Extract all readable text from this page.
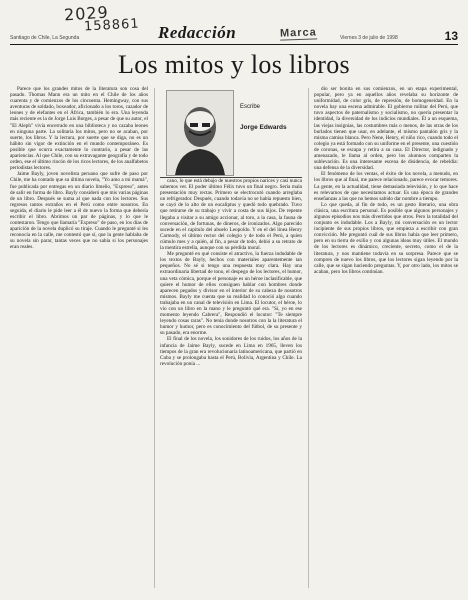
2029
158861
Santiago de Chile, La Segunda	Redacción	Marca	Viernes 3 de julio de 1998	13
Los mitos y los libros

Parece que los grandes mitos de la literatura son cosa del pasado. Thomas Mann era un mito en el Chile de los años cuarenta y de comienzos de los cincuenta. Hemingway, con sus aventuras de soldado, boxeador, aficionado a los toros, cazador de leones y de elefantes en el África, también lo era. Una leyenda más reciente es la de Jorge Luis Borges, a pesar de que su autor, el "El Aleph" vivía encerrado en una biblioteca y no cazaba leones en ninguna parte. La solitaria los mitos, pero no se acaban, por suerte, los libros. Y la lectura, por suerte que se diga, no es un hábito sin vigor de extinción en el mundo contemporáneo. Es posible que ocurra exactamente lo contrario, a pesar de las apariencias. Al que Chile, con su extravagante geografía y de todo orden, ese el último rincón de los ricos lectores, de los analfabetos periodistas lectores.

Jaime Bayly, joven novelista peruano que sufre de paso por Chile, me ha contado que su última novela, "Yo amo a mi mamá", fue publicada por entregas en un diario limeño, "Expreso", antes de salir en forma de libro. Bayly consideró que mis varias páginas de un libro. Después se suma al que nada con los lectores. Sus regresos tantos extraños en el Perú como entre nosotros. En seguida, el diario le pide leer a él de nuevo la forma que debería escribir el libro. Abrimos un par de páginas, y lo que le contestaron. Tengo que llamaría "Expreso" de paso, en los días de aparición de la novela duplicó su tiraje. Cuando le pregunté si les reconocía en la calle, me contestó que sí, que la gente hablaba de su novela sin parar, tantas veces que no sabía si los personajes eran reales.

Escribe
Jorge Edwards

cano, lo que está debajo de nuestros propios narices y casi nunca sabemos ver. El poder último Félix tuvo un final negro. Sería mala presentación muy rectas. Primero se electrocutó cuando arreglaba un refrigerador. Después, cuando todavía no se había repuesto bien, se cayó de lo alto de un eucaliptus y quedó todo quebrado. Tuvo que retirarse de su trabajo y vivir a costa de sus hijos. De repente llegaba a visitar a su amigo accionar, al toro, a la casa, la fauna de conversación, de fortunas, de dineros, de ironizados. Algo parecido sucede en el capítulo del abuelo Leopoldo. Y en el del linea Henry Carmody, el último rector del colegio y de todo el Perú, a quien cúmulo mes y a quién, al fin, a pesar de todo, debió a su retrato de la mentira estrella, aunque con su pérdida moral.

Me pregunté en qué consiste el atractivo, la fuerza indudable de los textos de Bayly, hechos con materiales aparentemente tan pequeños. No sé si tengo una respuesta muy clara. Hay una extraordinaria libertad de tono, el despego de los lectores, el humor, una veta cómica, porque el personaje es un héroe inclasificable, que quiere el humor de ellos consiguen hablar con hombres donde aparecen pegados y divisor en el interior de su cabeza de nosotros mismos. Bayly me cuenta que su realidad lo conoció algo cuando trabajaba en un canal de televisión en Lima. El locutor, el héroe, lo vio con un libro en la mano y le preguntó qué era. "Sí, yo en ese momento leyendo Cabrera", Respondió el locutor: "Te siempre leyendo cosas raras". No tenía donde nosotros con la la literatura el humor y humor, pero es conocimiento del fútbol, de su presente y su pasado, era enorme.

El final de los novela, los sonidores de los ruidos, los años de la infancia de Jaime Bayly, sucede en Lima en 1965, lleven los tiempos de la gran era revolucionaria latinoamericana, que partió en Cuba y se prolongaba hasta el Perú, Bolivia, Argentina y Chile. La revolución ponía ...

dio ser bonita en sus comienzos, en un etapa experimental, popular, pero ya en aquellos años revelaba su horizonte de uniformidad, de color gris, de represión, de homogeneidad. En la novela hay una escena admirable. El gobierno militar del Perú, que tuvo aspectos de paternalismo y socialismo, no quería presentar la identidad, la diversidad de los indicios mundiales. Él a un esquema, las viejas insignias, las costumbres más o menos, de las otras de los burlados tienen que usar, en adelante, el mismo pantalón gris y la misma camisa blanca. Pero Nene, Henry, el niño rico, cuando todo el colegio ya está formado con su uniforme en el presente, una cuestión de coronas, se escapa y retira a su casa. El Director, indignado y amenazado, le llama al orden, pero los alumnos comparten la sublevación. Es una interesante escena de disidencia, de rebeldía: una defensa de la diversidad.

El fenómeno de los ventas, el éxito de los novela, a menudo, en los libros que al final, me parece relacionado, parece evocar temores. La gente, en la actualidad, tiene demasiada televisión, y lo que hace es relevarnos de que necesitamos actuar. Es una época de grandes enseñanzas a las que no hemos sabido dar nombre a tiempo.

Lo que queda, al fin de todo, es un gesto literario, una obra clásica, una escritura personal. Es posible que algunos personajes y algunos episodios nos más divertidos que otros. Pero la totalidad del conjunto es indudable. Los a Bayly, mi conversación es un lector incipiente de sus propios libros, que empieza a escribir con gran convicción. Me preguntó cuál de sus libros había que leer primero, pero en su tierra de exilio y con algunas ideas muy útiles. El mundo de los lectores es dinámico, creciente, secreto, como el de la literatura, y nos mantiene todavía en su sorpresa. Parece que se compren de nuevo los libros, que los lectores sigan leyendo por la calle, que se sigan haciendo preguntas. Y, por otro lado, los mitos se acaban, pero los libros continúan.
